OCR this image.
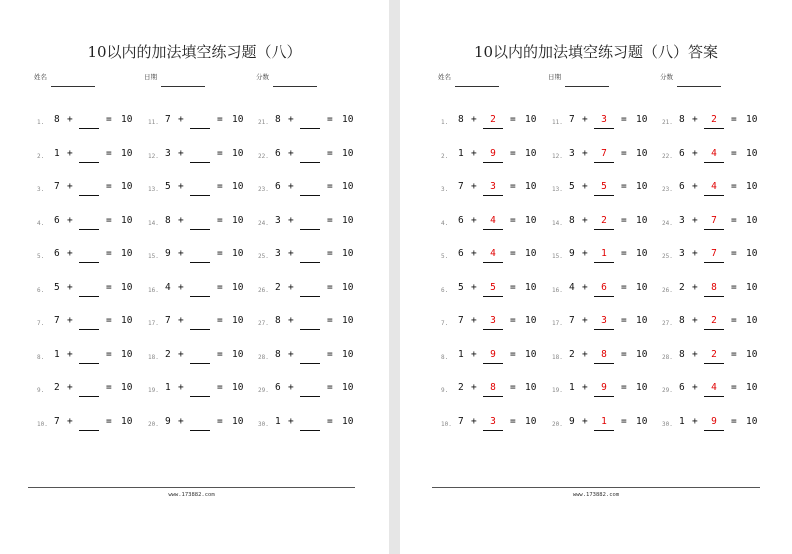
10以内的加法填空练习题（八）
姓名	日期	分数
1. 8 +	= 10
2. 1 +	= 10
3. 7 +	= 10
4. 6 +	= 10
5. 6 +	= 10
6. 5 +	= 10
7. 7 +	= 10
8. 1 +	= 10
9. 2 +	= 10
10. 7 +	= 10
11. 7 +	= 10
12. 3 +	= 10
13. 5 +	= 10
14. 8 +	= 10
15. 9 +	= 10
16. 4 +	= 10
17. 7 +	= 10
18. 2 +	= 10
19. 1 +	= 10
20. 9 +	= 10
21. 8 +	= 10
22. 6 +	= 10
23. 6 +	= 10
24. 3 +	= 10
25. 3 +	= 10
26. 2 +	= 10
27. 8 +	= 10
28. 8 +	= 10
29. 6 +	= 10
30. 1 +	= 10
www.173882.com
10以内的加法填空练习题（八）答案
姓名	日期	分数
1. 8 +	2	= 10
2. 1 +	9	= 10
3. 7 +	3	= 10
4. 6 +	4	= 10
5. 6 +	4	= 10
6. 5 +	5	= 10
7. 7 +	3	= 10
8. 1 +	9	= 10
9. 2 +	8	= 10
10. 7 +	3	= 10
11. 7 +	3	= 10
12. 3 +	7	= 10
13. 5 +	5	= 10
14. 8 +	2	= 10
15. 9 +	1	= 10
16. 4 +	6	= 10
17. 7 +	3	= 10
18. 2 +	8	= 10
19. 1 +	9	= 10
20. 9 +	1	= 10
21. 8 +	2	= 10
22. 6 +	4	= 10
23. 6 +	4	= 10
24. 3 +	7	= 10
25. 3 +	7	= 10
26. 2 +	8	= 10
27. 8 +	2	= 10
28. 8 +	2	= 10
29. 6 +	4	= 10
30. 1 +	9	= 10
www.173882.com
